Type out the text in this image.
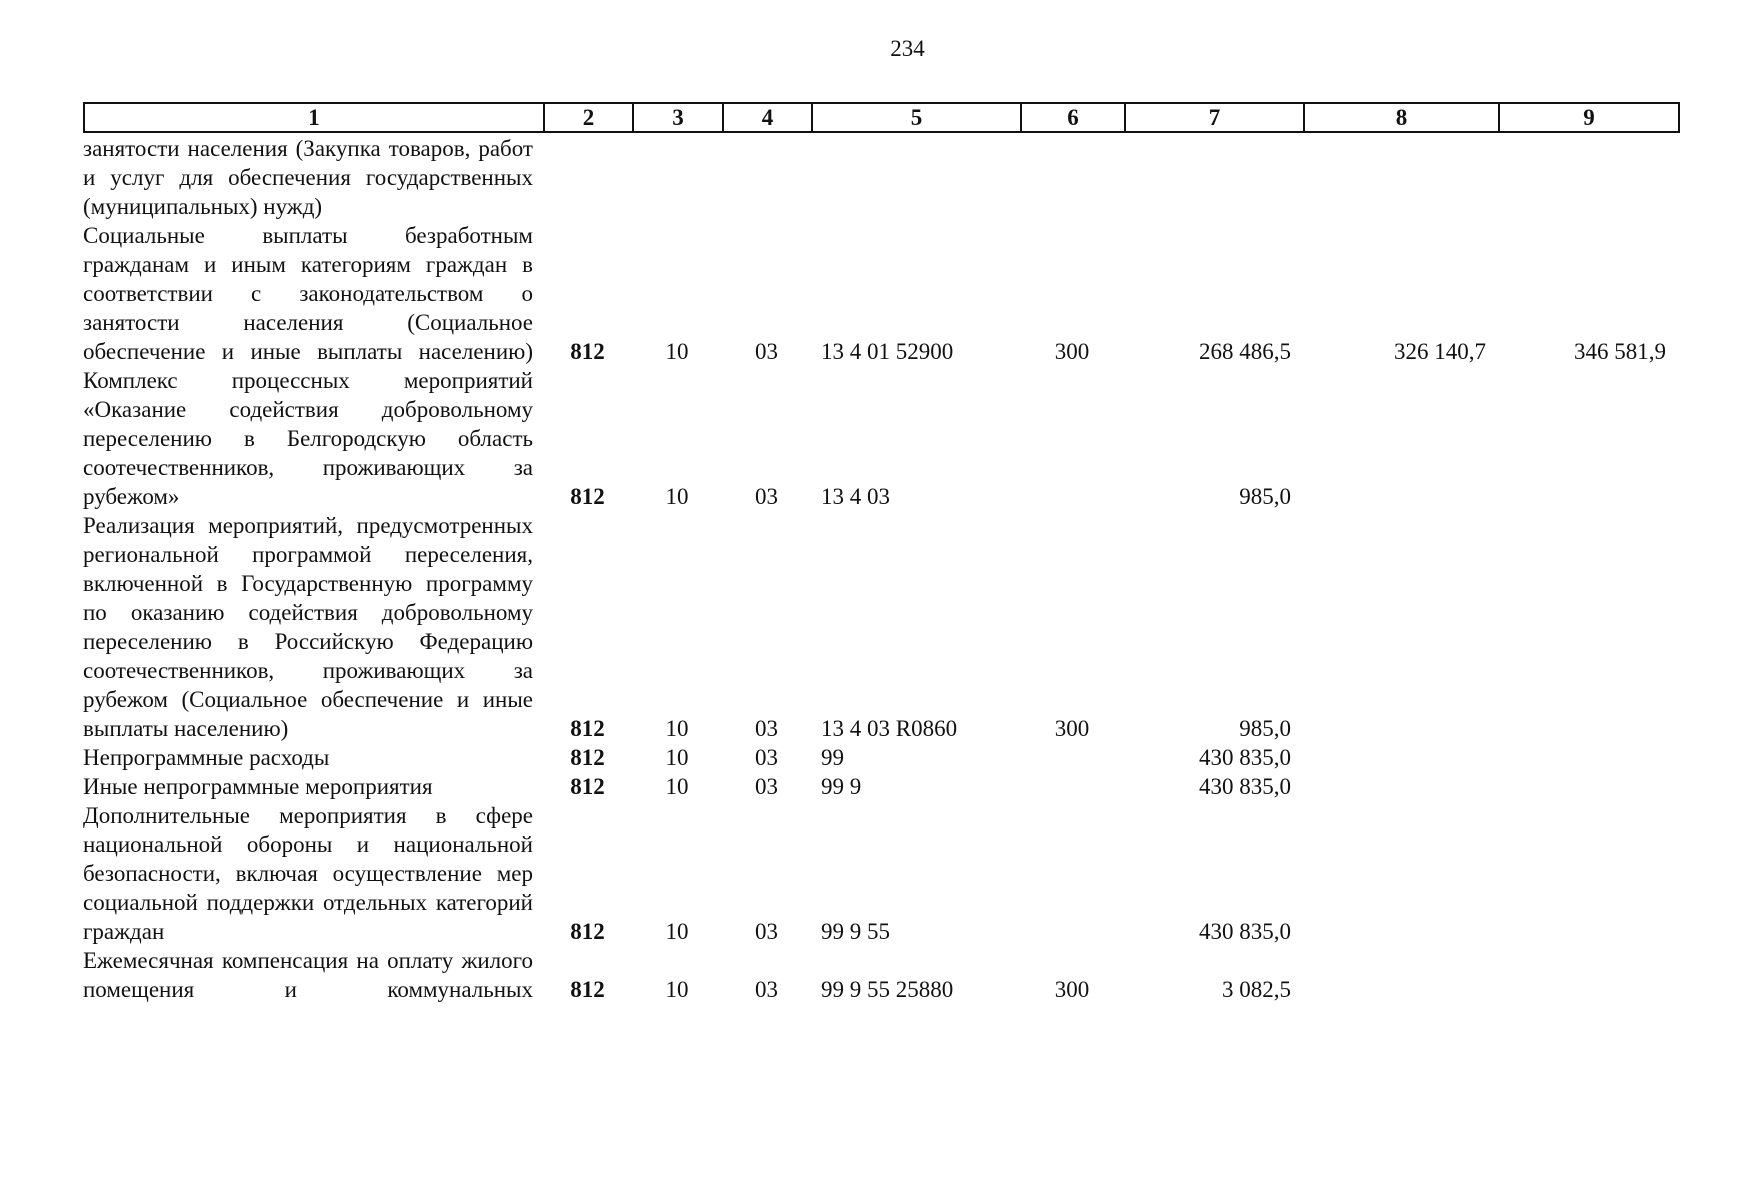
234
1	2	3	4	5	6	7	8	9
занятости населения (Закупка товаров, работ и услуг для обеспечения государственных (муниципальных) нужд)								

Социальные выплаты безработным гражданам и иным категориям граждан в соответствии с законодательством о занятости населения (Социальное обеспечение и иные выплаты населению)	812	10	03	13 4 01 52900	300	268 486,5	326 140,7	346 581,9

Комплекс процессных мероприятий «Оказание содействия добровольному переселению в Белгородскую область соотечественников, проживающих за рубежом»	812	10	03	13 4 03		985,0		

Реализация мероприятий, предусмотренных региональной программой переселения, включенной в Государственную программу по оказанию содействия добровольному переселению в Российскую Федерацию соотечественников, проживающих за рубежом (Социальное обеспечение и иные выплаты населению)	812	10	03	13 4 03 R0860	300	985,0		

Непрограммные расходы	812	10	03	99		430 835,0		

Иные непрограммные мероприятия	812	10	03	99 9		430 835,0		

Дополнительные мероприятия в сфере национальной обороны и национальной безопасности, включая осуществление мер социальной поддержки отдельных категорий граждан	812	10	03	99 9 55		430 835,0		

Ежемесячная компенсация на оплату жилого помещения и коммунальных	812	10	03	99 9 55 25880	300	3 082,5		
